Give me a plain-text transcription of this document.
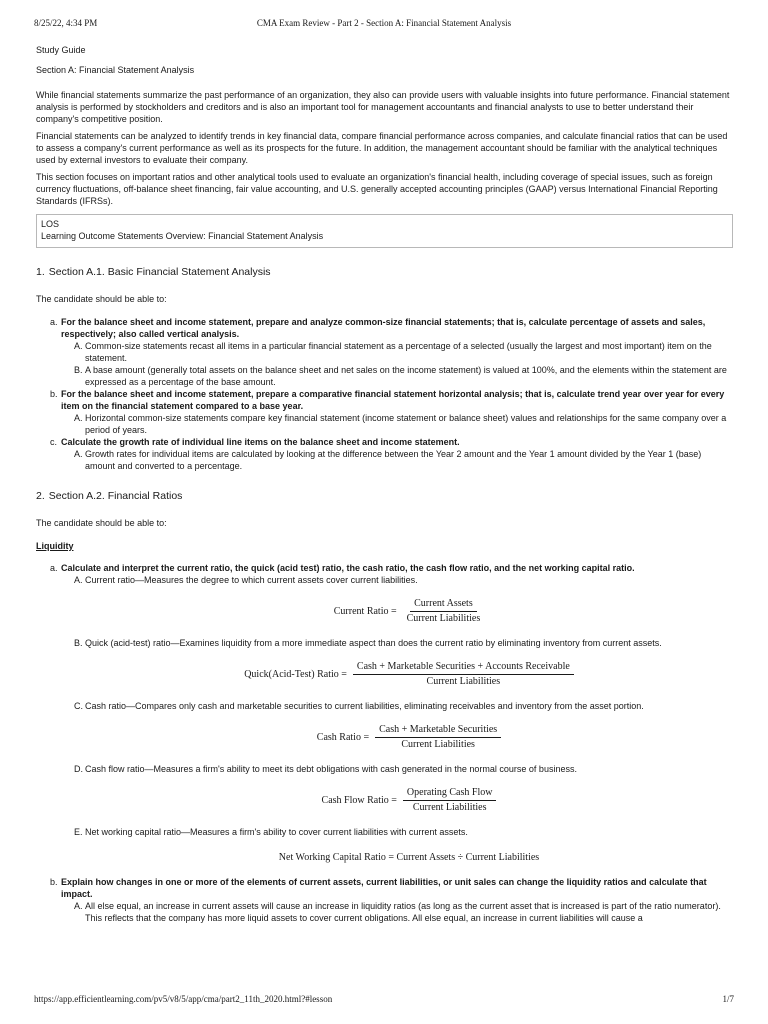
8/25/22, 4:34 PM	CMA Exam Review - Part 2 - Section A: Financial Statement Analysis

Study Guide

Section A: Financial Statement Analysis

While financial statements summarize the past performance of an organization, they also can provide users with valuable insights into future performance. Financial statement analysis is performed by stockholders and creditors and is also an important tool for management accountants and financial analysts to use to better understand their company's competitive position.

Financial statements can be analyzed to identify trends in key financial data, compare financial performance across companies, and calculate financial ratios that can be used to assess a company's current performance as well as its prospects for the future. In addition, the management accountant should be familiar with the analytical techniques used by external investors to evaluate their company.

This section focuses on important ratios and other analytical tools used to evaluate an organization's financial health, including coverage of special issues, such as foreign currency fluctuations, off-balance sheet financing, fair value accounting, and U.S. generally accepted accounting principles (GAAP) versus International Financial Reporting Standards (IFRSs).

LOS

Learning Outcome Statements Overview: Financial Statement Analysis

1. Section A.1. Basic Financial Statement Analysis

The candidate should be able to:

a. For the balance sheet and income statement, prepare and analyze common-size financial statements; that is, calculate percentage of assets and sales, respectively; also called vertical analysis.
A. Common-size statements recast all items in a particular financial statement as a percentage of a selected (usually the largest and most important) item on the statement.
B. A base amount (generally total assets on the balance sheet and net sales on the income statement) is valued at 100%, and the elements within the statement are expressed as a percentage of the base amount.
b. For the balance sheet and income statement, prepare a comparative financial statement horizontal analysis; that is, calculate trend year over year for every item on the financial statement compared to a base year.
A. Horizontal common-size statements compare key financial statement (income statement or balance sheet) values and relationships for the same company over a period of years.
c. Calculate the growth rate of individual line items on the balance sheet and income statement.
A. Growth rates for individual items are calculated by looking at the difference between the Year 2 amount and the Year 1 amount divided by the Year 1 (base) amount and converted to a percentage.
2. Section A.2. Financial Ratios

The candidate should be able to:

Liquidity

a. Calculate and interpret the current ratio, the quick (acid test) ratio, the cash ratio, the cash flow ratio, and the net working capital ratio.
A. Current ratio—Measures the degree to which current assets cover current liabilities.
Current Ratio = $\frac{\text{Current Assets}}{\text{Current Liabilities}}$
B. Quick (acid-test) ratio—Examines liquidity from a more immediate aspect than does the current ratio by eliminating inventory from current assets.
Quick(Acid-Test) Ratio = $\frac{\text{Cash + Marketable Securities + Accounts Receivable}}{\text{Current Liabilities}}$
C. Cash ratio—Compares only cash and marketable securities to current liabilities, eliminating receivables and inventory from the asset portion.
Cash Ratio = $\frac{\text{Cash + Marketable Securities}}{\text{Current Liabilities}}$
D. Cash flow ratio—Measures a firm's ability to meet its debt obligations with cash generated in the normal course of business.
Cash Flow Ratio = $\frac{\text{Operating Cash Flow}}{\text{Current Liabilities}}$
E. Net working capital ratio—Measures a firm's ability to cover current liabilities with current assets.
Net Working Capital Ratio = Current Assets ÷ Current Liabilities
b. Explain how changes in one or more of the elements of current assets, current liabilities, or unit sales can change the liquidity ratios and calculate that impact.
A. All else equal, an increase in current assets will cause an increase in liquidity ratios (as long as the current asset that is increased is part of the ratio numerator). This reflects that the company has more liquid assets to cover current obligations. All else equal, an increase in current liabilities will cause a
https://app.efficientlearning.com/pv5/v8/5/app/cma/part2_11th_2020.html?#lesson	1/7
